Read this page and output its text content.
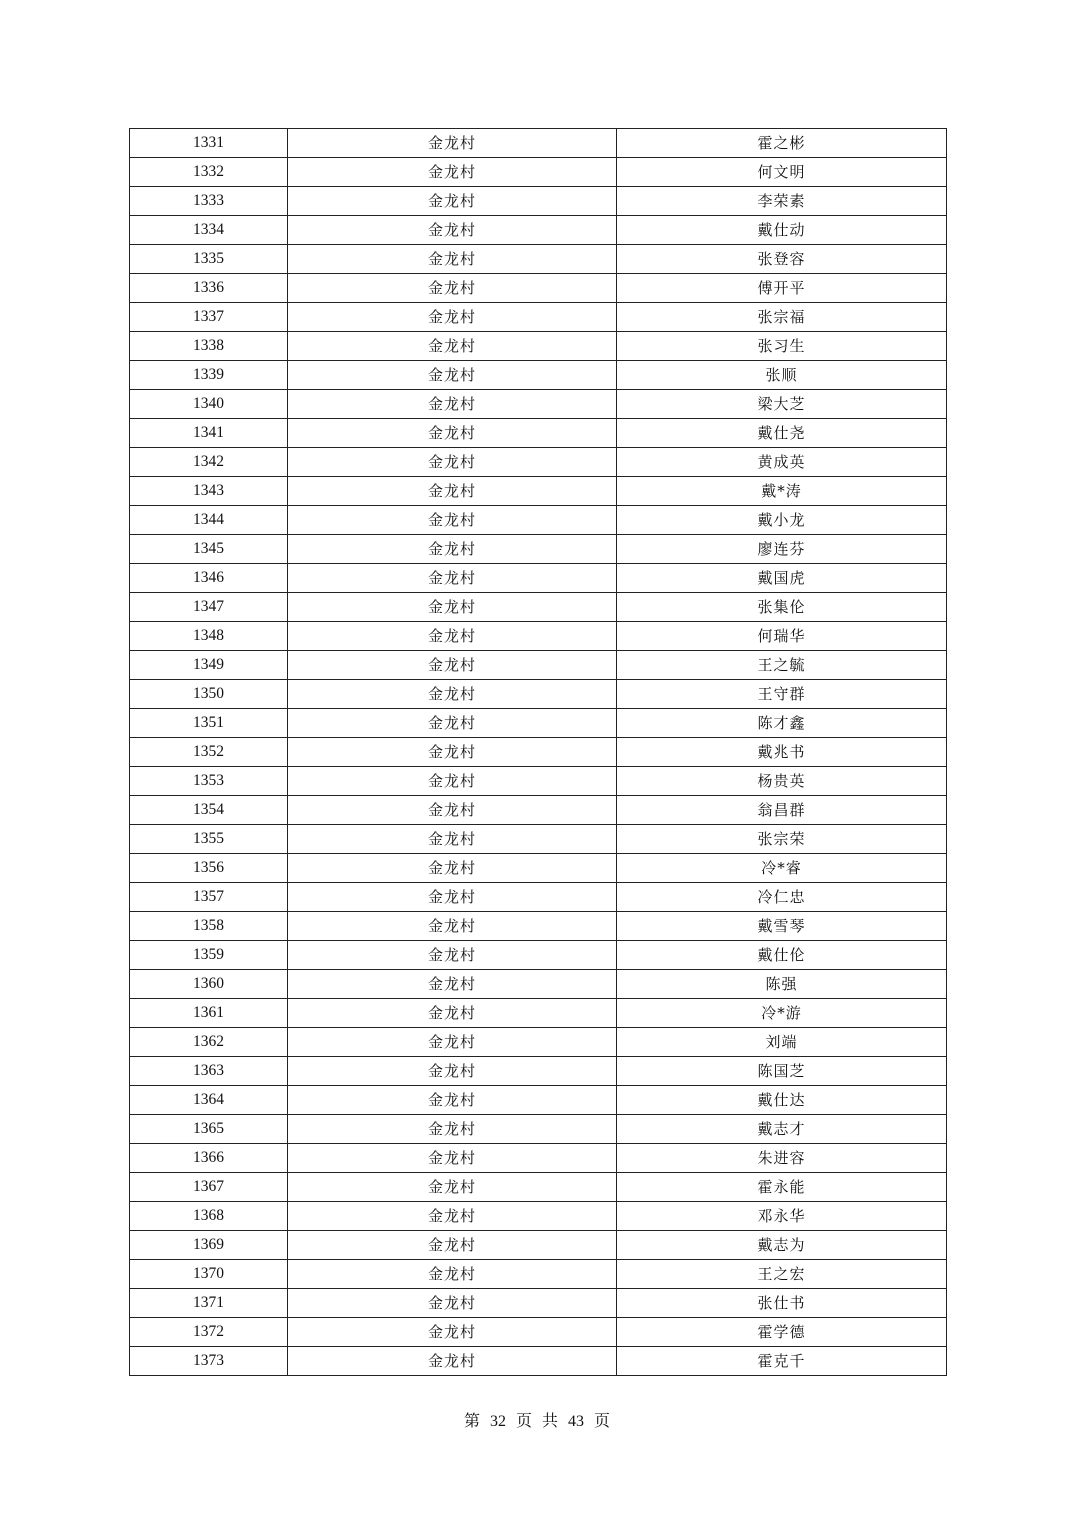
1331	金龙村	霍之彬
1332	金龙村	何文明
1333	金龙村	李荣素
1334	金龙村	戴仕动
1335	金龙村	张登容
1336	金龙村	傅开平
1337	金龙村	张宗福
1338	金龙村	张习生
1339	金龙村	张顺
1340	金龙村	梁大芝
1341	金龙村	戴仕尧
1342	金龙村	黄成英
1343	金龙村	戴*涛
1344	金龙村	戴小龙
1345	金龙村	廖连芬
1346	金龙村	戴国虎
1347	金龙村	张集伦
1348	金龙村	何瑞华
1349	金龙村	王之毓
1350	金龙村	王守群
1351	金龙村	陈才鑫
1352	金龙村	戴兆书
1353	金龙村	杨贵英
1354	金龙村	翁昌群
1355	金龙村	张宗荣
1356	金龙村	冷*睿
1357	金龙村	冷仁忠
1358	金龙村	戴雪琴
1359	金龙村	戴仕伦
1360	金龙村	陈强
1361	金龙村	冷*游
1362	金龙村	刘端
1363	金龙村	陈国芝
1364	金龙村	戴仕达
1365	金龙村	戴志才
1366	金龙村	朱进容
1367	金龙村	霍永能
1368	金龙村	邓永华
1369	金龙村	戴志为
1370	金龙村	王之宏
1371	金龙村	张仕书
1372	金龙村	霍学德
1373	金龙村	霍克千
第 32 页 共 43 页
